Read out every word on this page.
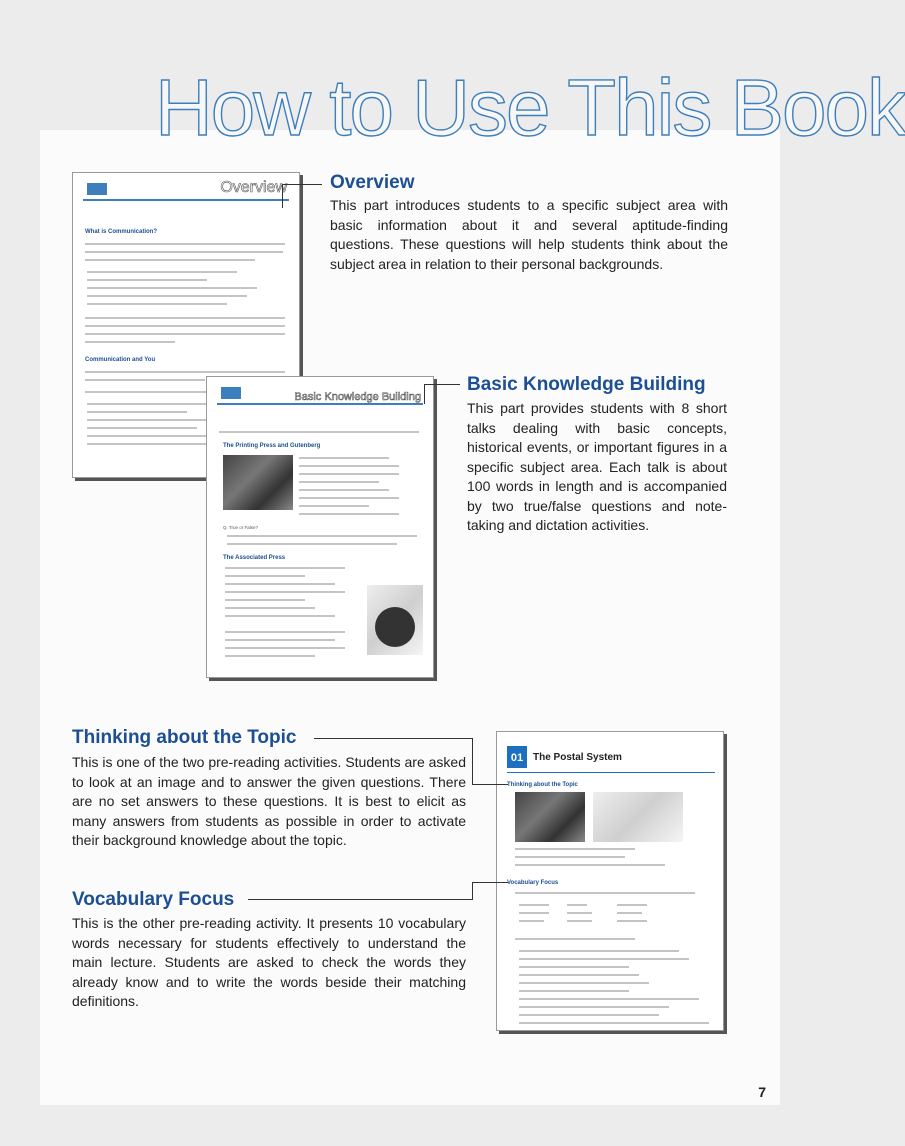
How to Use This Book
Overview
What is Communication?
Communication and You
Basic Knowledge Building
The Printing Press and Gutenberg
Q. True or False?
The Associated Press
01 The Postal System
Thinking about the Topic
Vocabulary Focus
Overview
This part introduces students to a specific subject area with basic information about it and several aptitude-finding questions. These questions will help students think about the subject area in relation to their personal backgrounds.
Basic Knowledge Building
This part provides students with 8 short talks dealing with basic concepts, historical events, or important figures in a specific subject area. Each talk is about 100 words in length and is accompanied by two true/false questions and note-taking and dictation activities.
Thinking about the Topic
This is one of the two pre-reading activities. Students are asked to look at an image and to answer the given questions. There are no set answers to these questions. It is best to elicit as many answers from students as possible in order to activate their background knowledge about the topic.
Vocabulary Focus
This is the other pre-reading activity. It presents 10 vocabulary words necessary for students effectively to understand the main lecture. Students are asked to check the words they already know and to write the words beside their matching definitions.
7
